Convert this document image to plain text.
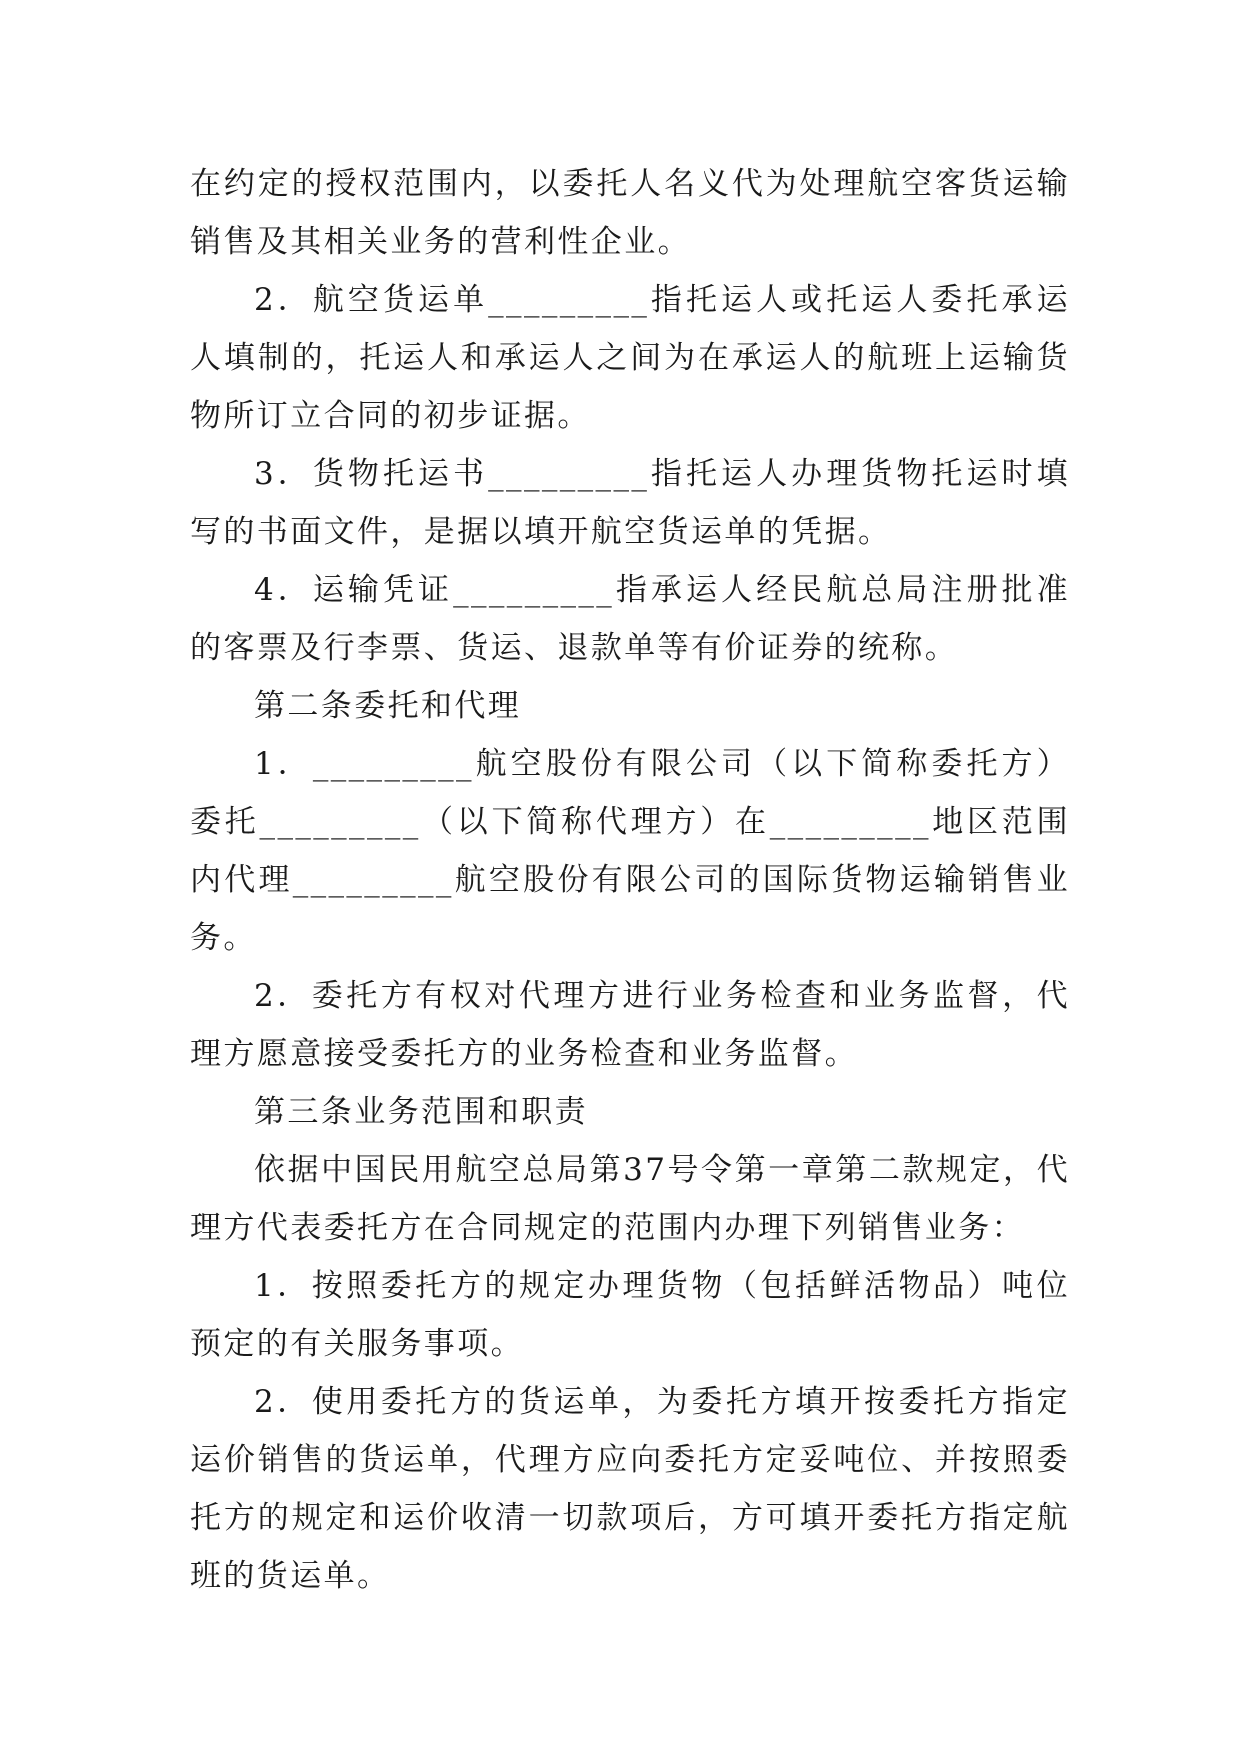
在约定的授权范围内，以委托人名义代为处理航空客货运输销售及其相关业务的营利性企业。

2．航空货运单_________指托运人或托运人委托承运人填制的，托运人和承运人之间为在承运人的航班上运输货物所订立合同的初步证据。

3．货物托运书_________指托运人办理货物托运时填写的书面文件，是据以填开航空货运单的凭据。

4．运输凭证_________指承运人经民航总局注册批准的客票及行李票、货运、退款单等有价证券的统称。

第二条委托和代理

1．_________航空股份有限公司（以下简称委托方）委托_________（以下简称代理方）在_________地区范围内代理_________航空股份有限公司的国际货物运输销售业务。

2．委托方有权对代理方进行业务检查和业务监督，代理方愿意接受委托方的业务检查和业务监督。

第三条业务范围和职责

依据中国民用航空总局第37号令第一章第二款规定，代理方代表委托方在合同规定的范围内办理下列销售业务：

1．按照委托方的规定办理货物（包括鲜活物品）吨位预定的有关服务事项。

2．使用委托方的货运单，为委托方填开按委托方指定运价销售的货运单，代理方应向委托方定妥吨位、并按照委托方的规定和运价收清一切款项后，方可填开委托方指定航班的货运单。
